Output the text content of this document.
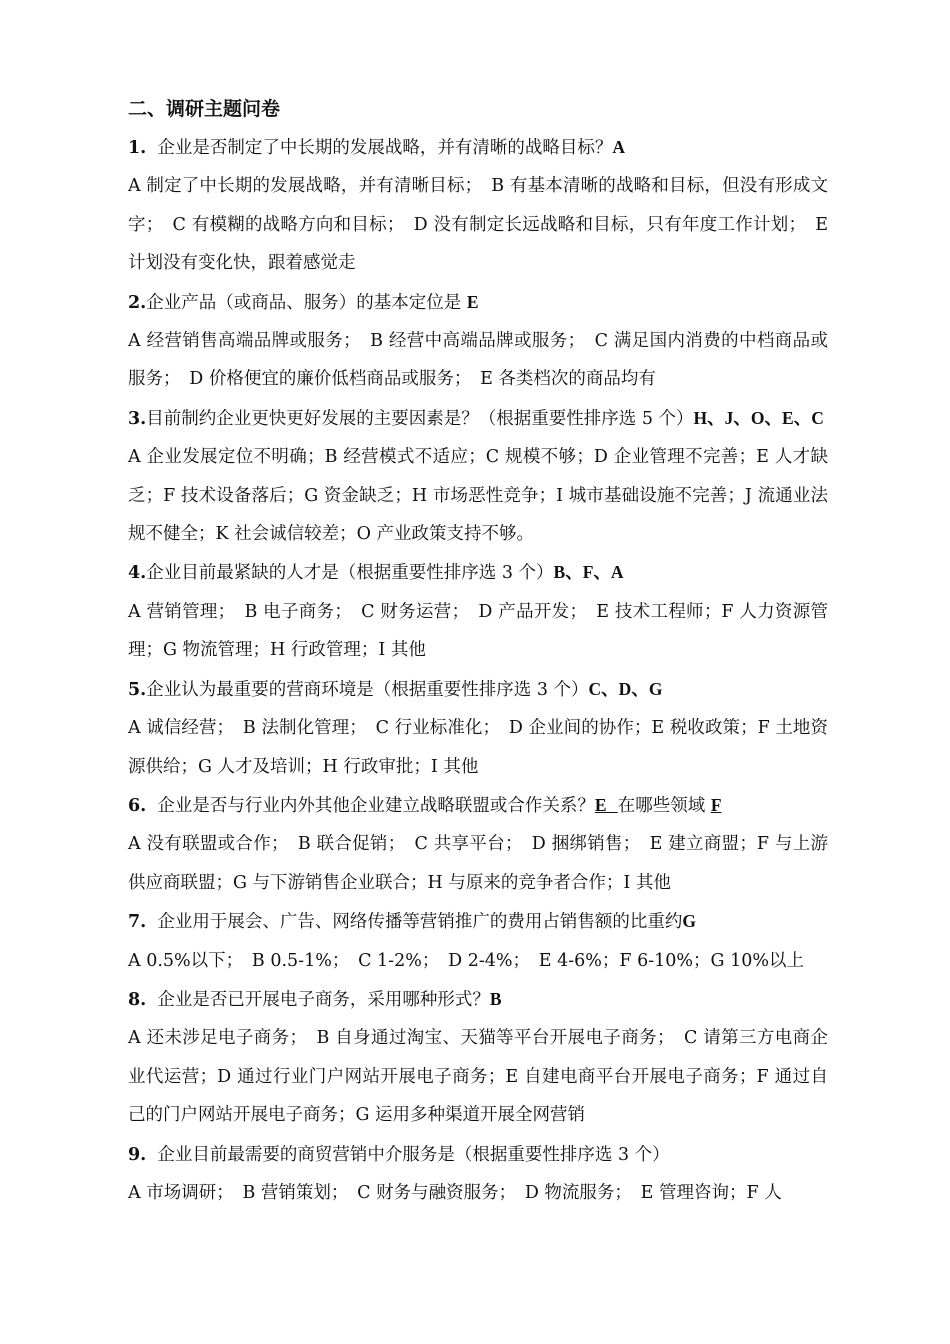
二、调研主题问卷

1. 企业是否制定了中长期的发展战略，并有清晰的战略目标？A

A 制定了中长期的发展战略，并有清晰目标；　B 有基本清晰的战略和目标，但没有形成文字；　C 有模糊的战略方向和目标；　D 没有制定长远战略和目标，只有年度工作计划；　E 计划没有变化快，跟着感觉走

2.企业产品（或商品、服务）的基本定位是 E

A 经营销售高端品牌或服务；　B 经营中高端品牌或服务；　C 满足国内消费的中档商品或服务；　D 价格便宜的廉价低档商品或服务；　E 各类档次的商品均有

3.目前制约企业更快更好发展的主要因素是？（根据重要性排序选 5 个）H、J、O、E、C

A 企业发展定位不明确；B 经营模式不适应；C 规模不够；D 企业管理不完善；E 人才缺乏；F 技术设备落后；G 资金缺乏；H 市场恶性竞争；I 城市基础设施不完善；J 流通业法规不健全；K 社会诚信较差；O 产业政策支持不够。

4.企业目前最紧缺的人才是（根据重要性排序选 3 个）B、F、A

A 营销管理；　B 电子商务；　C 财务运营；　D 产品开发；　E 技术工程师；F 人力资源管理；G 物流管理；H 行政管理；I 其他

5.企业认为最重要的营商环境是（根据重要性排序选 3 个）C、D、G

A 诚信经营；　B 法制化管理；　C 行业标准化；　D 企业间的协作；E 税收政策；F 土地资源供给；G 人才及培训；H 行政审批；I 其他

6. 企业是否与行业内外其他企业建立战略联盟或合作关系？E 在哪些领域 F

A 没有联盟或合作；　B 联合促销；　C 共享平台；　D 捆绑销售；　E 建立商盟；F 与上游供应商联盟；G 与下游销售企业联合；H 与原来的竞争者合作；I 其他

7. 企业用于展会、广告、网络传播等营销推广的费用占销售额的比重约G

A 0.5%以下；　B 0.5-1%；　C 1-2%；　D 2-4%；　E 4-6%；F 6-10%；G 10%以上

8. 企业是否已开展电子商务，采用哪种形式？B

A 还未涉足电子商务；　B 自身通过淘宝、天猫等平台开展电子商务；　C 请第三方电商企业代运营；D 通过行业门户网站开展电子商务；E 自建电商平台开展电子商务；F 通过自己的门户网站开展电子商务；G 运用多种渠道开展全网营销

9. 企业目前最需要的商贸营销中介服务是（根据重要性排序选 3 个）

A 市场调研；　B 营销策划；　C 财务与融资服务；　D 物流服务；　E 管理咨询；F 人
